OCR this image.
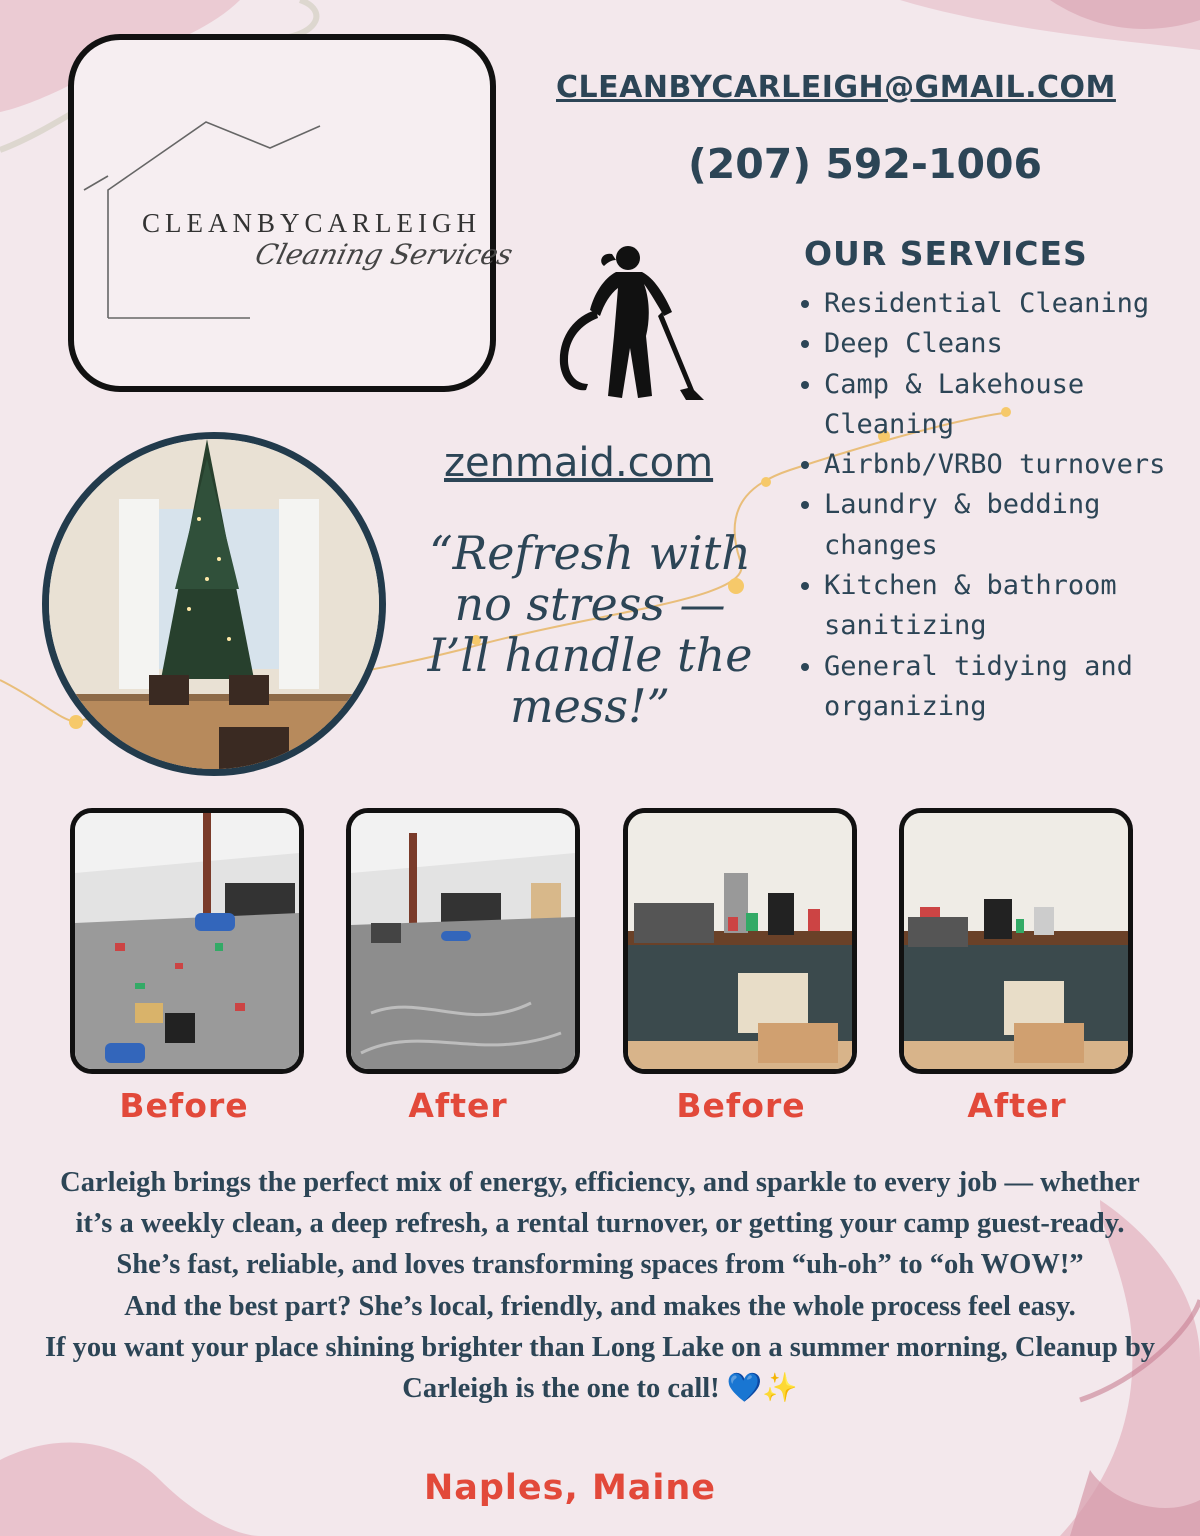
CLEANBYCARLEIGH
Cleaning Services
CLEANBYCARLEIGH@GMAIL.COM
(207) 592-1006
OUR SERVICES
• Residential Cleaning
• Deep Cleans
• Camp & Lakehouse Cleaning
• Airbnb/VRBO turnovers
• Laundry & bedding changes
• Kitchen & bathroom sanitizing
• General tidying and organizing
zenmaid.com
“Refresh with no stress — I’ll handle the mess!”
Before	After	Before	After

Carleigh brings the perfect mix of energy, efficiency, and sparkle to every job — whether it’s a weekly clean, a deep refresh, a rental turnover, or getting your camp guest-ready.

She’s fast, reliable, and loves transforming spaces from “uh-oh” to “oh WOW!”

And the best part? She’s local, friendly, and makes the whole process feel easy.

If you want your place shining brighter than Long Lake on a summer morning, Cleanup by Carleigh is the one to call! 💙✨

Naples, Maine
